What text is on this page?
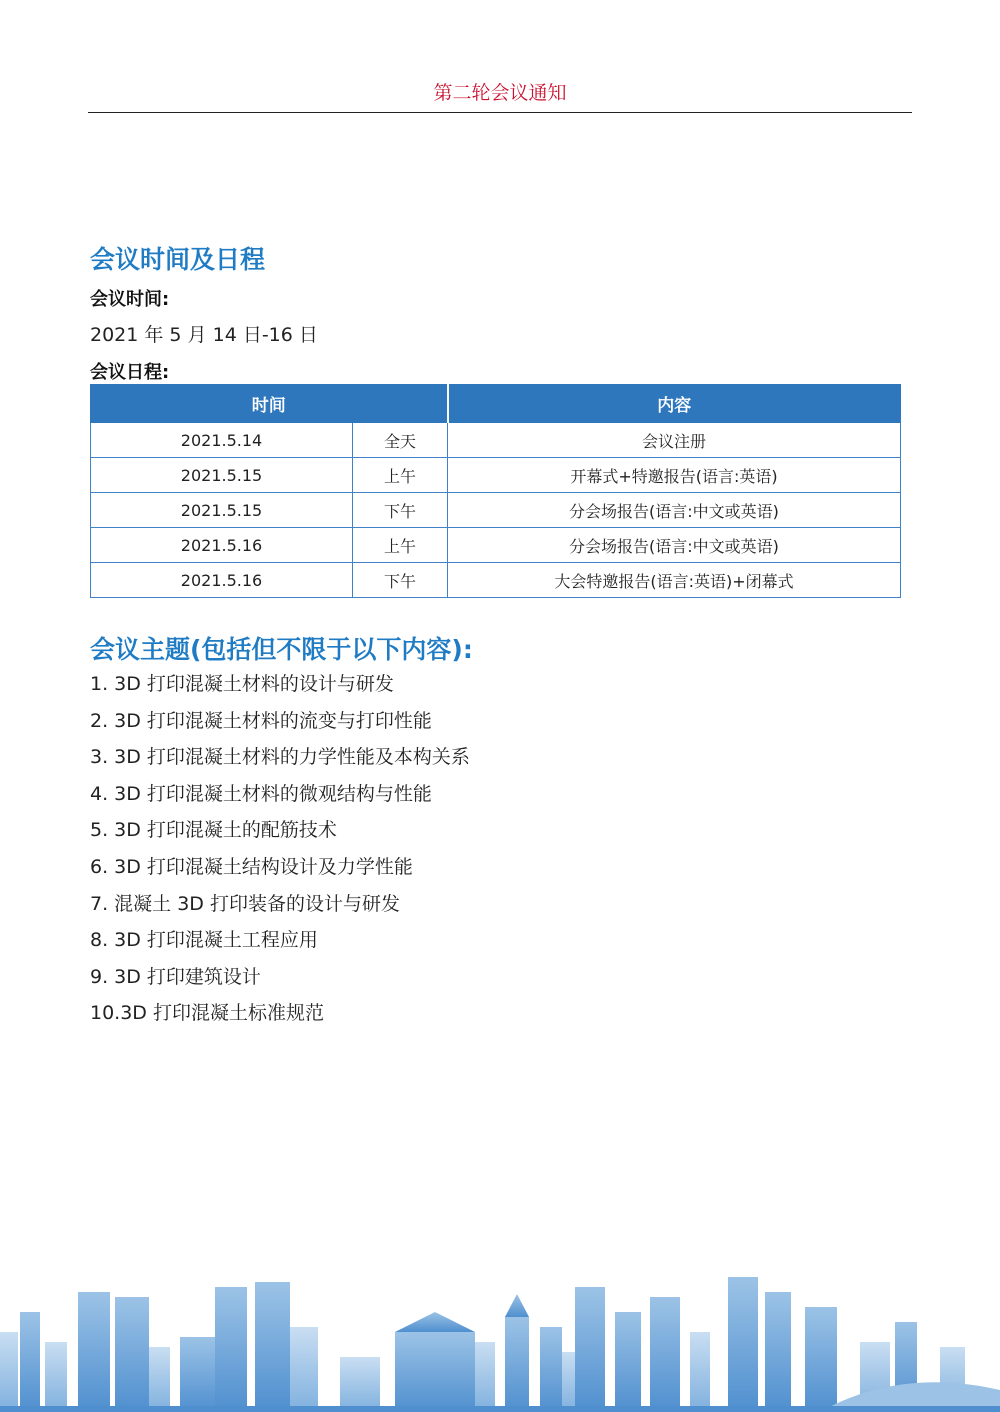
第二轮会议通知
会议时间及日程
会议时间:
2021 年 5 月 14 日-16 日
会议日程:
时间		内容
2021.5.14	全天	会议注册
2021.5.15	上午	开幕式+特邀报告(语言:英语)
2021.5.15	下午	分会场报告(语言:中文或英语)
2021.5.16	上午	分会场报告(语言:中文或英语)
2021.5.16	下午	大会特邀报告(语言:英语)+闭幕式
会议主题(包括但不限于以下内容):
1. 3D 打印混凝土材料的设计与研发
2. 3D 打印混凝土材料的流变与打印性能
3. 3D 打印混凝土材料的力学性能及本构关系
4. 3D 打印混凝土材料的微观结构与性能
5. 3D 打印混凝土的配筋技术
6. 3D 打印混凝土结构设计及力学性能
7. 混凝土 3D 打印装备的设计与研发
8. 3D 打印混凝土工程应用
9. 3D 打印建筑设计
10.3D 打印混凝土标准规范
